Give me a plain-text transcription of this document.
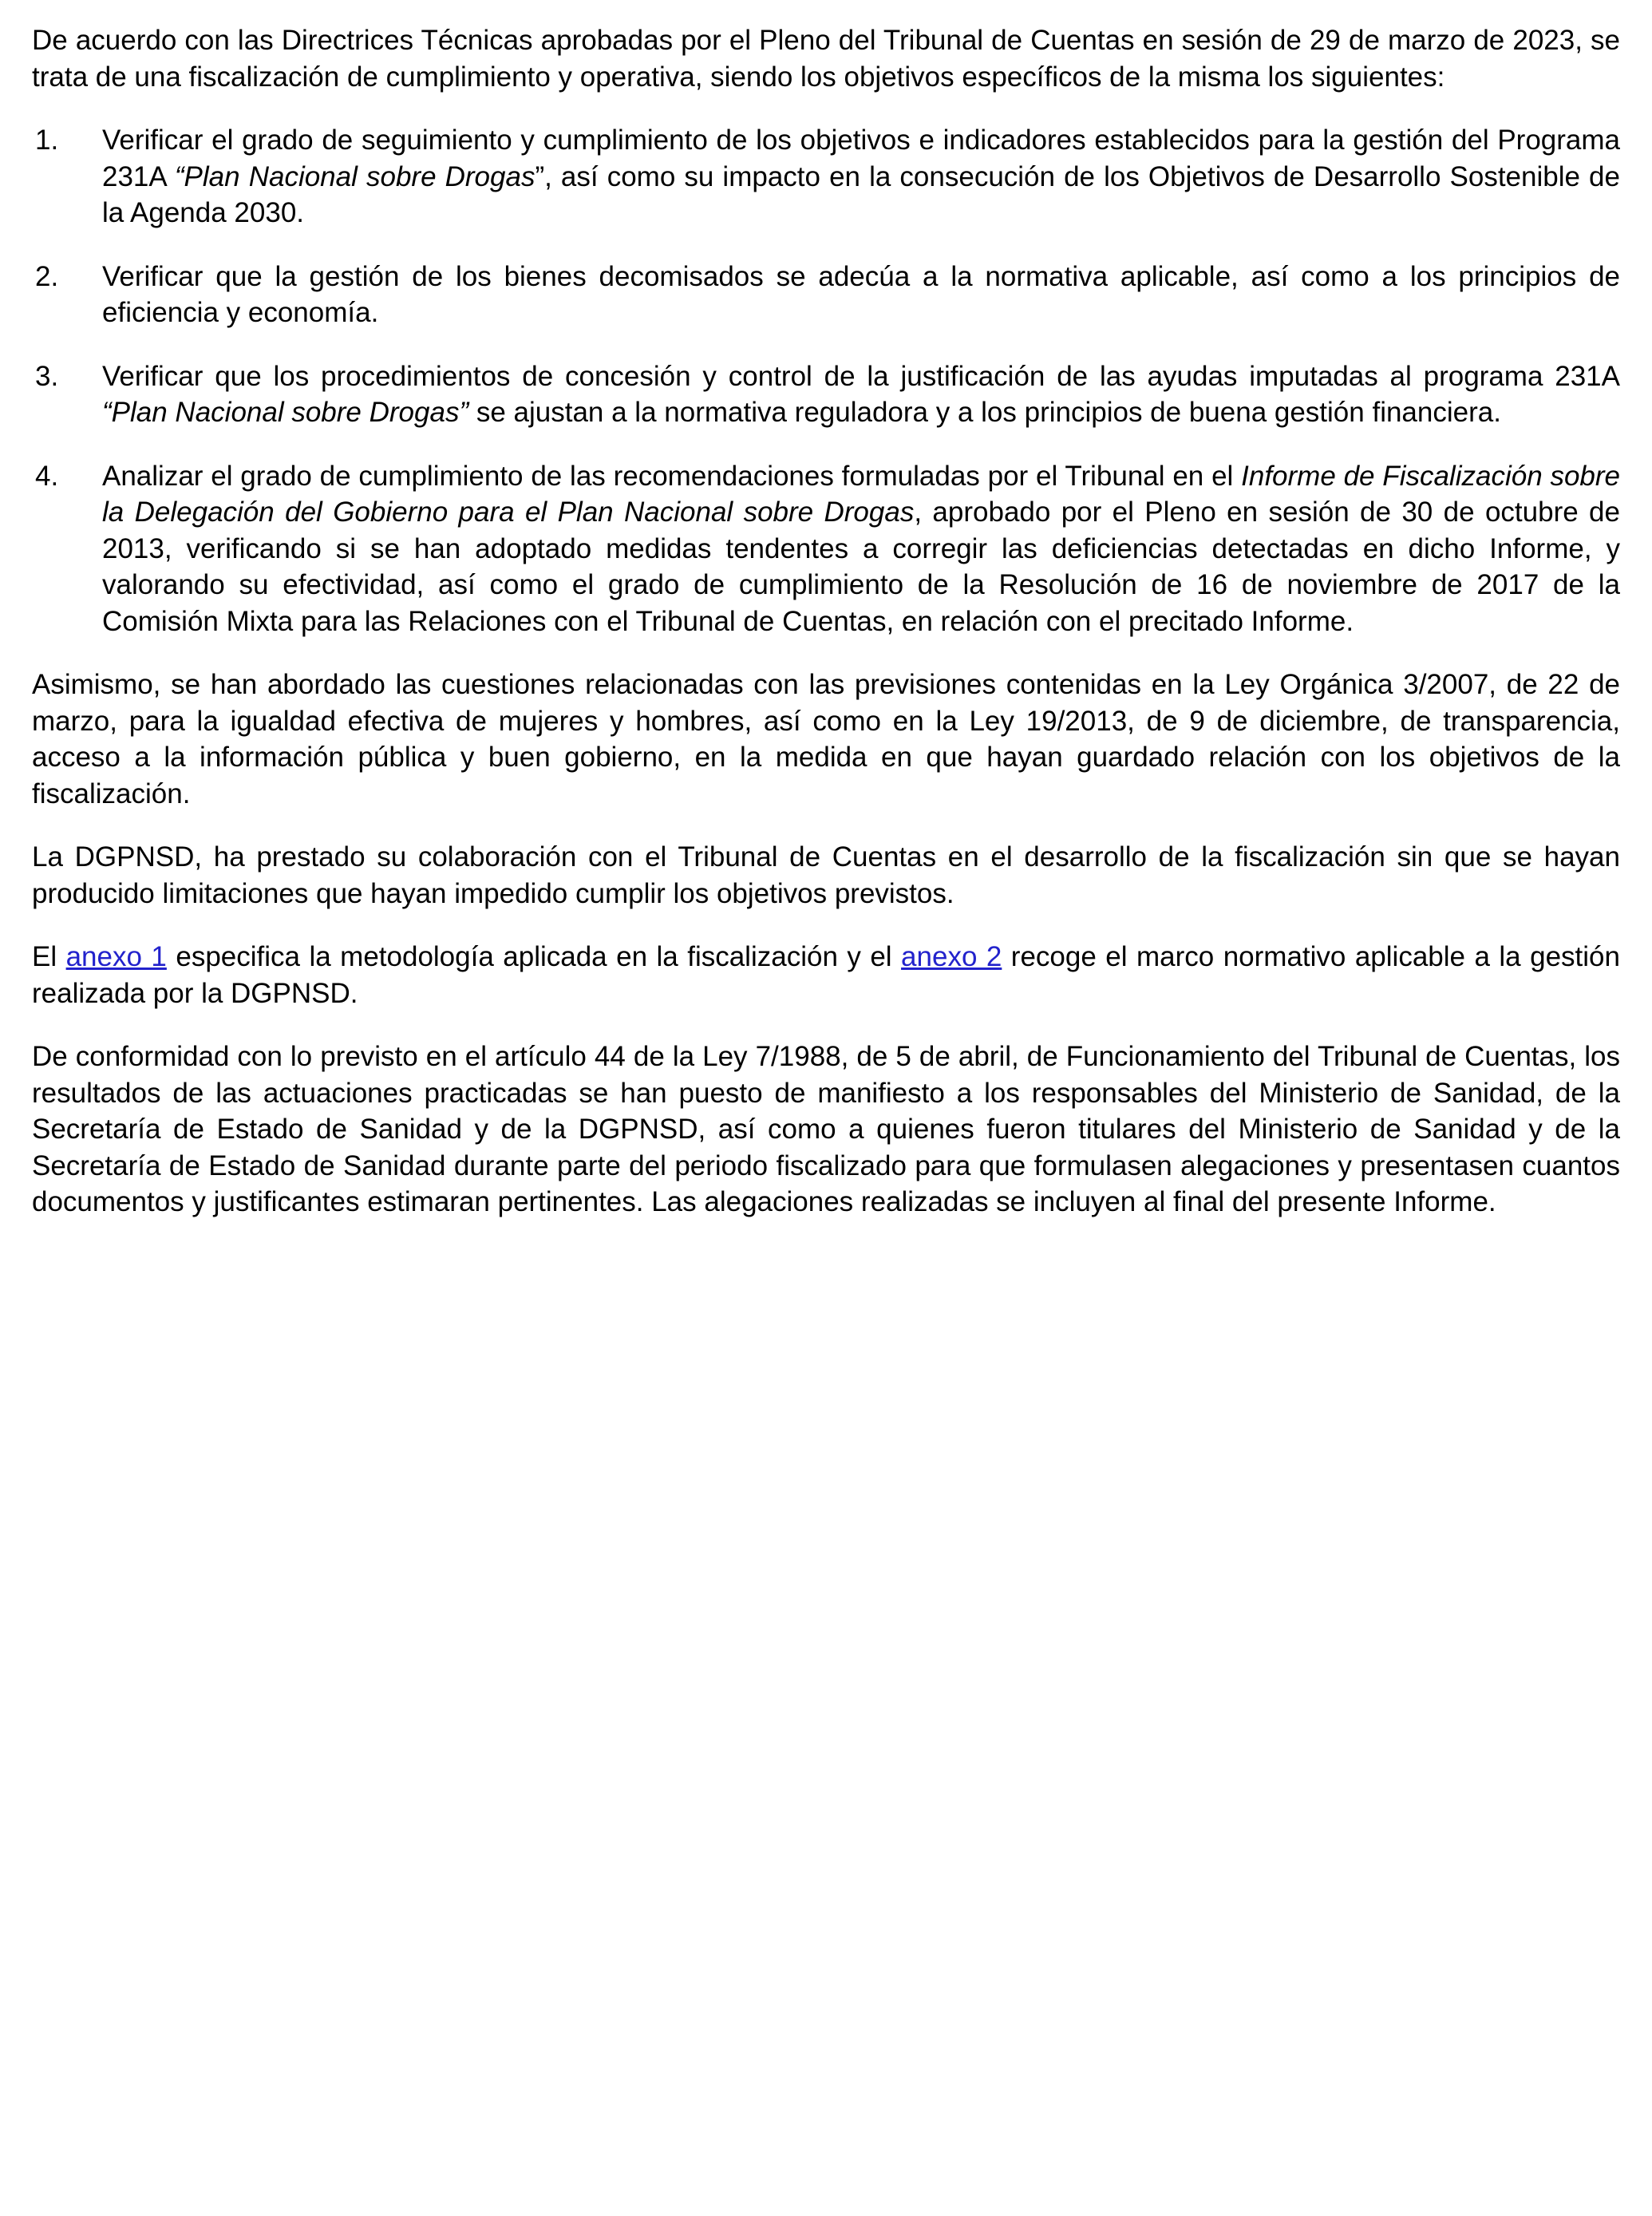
De acuerdo con las Directrices Técnicas aprobadas por el Pleno del Tribunal de Cuentas en sesión de 29 de marzo de 2023, se trata de una fiscalización de cumplimiento y operativa, siendo los objetivos específicos de la misma los siguientes:

1.	Verificar el grado de seguimiento y cumplimiento de los objetivos e indicadores establecidos para la gestión del Programa 231A “Plan Nacional sobre Drogas”, así como su impacto en la consecución de los Objetivos de Desarrollo Sostenible de la Agenda 2030.
2.	Verificar que la gestión de los bienes decomisados se adecúa a la normativa aplicable, así como a los principios de eficiencia y economía.
3.	Verificar que los procedimientos de concesión y control de la justificación de las ayudas imputadas al programa 231A “Plan Nacional sobre Drogas” se ajustan a la normativa reguladora y a los principios de buena gestión financiera.
4.	Analizar el grado de cumplimiento de las recomendaciones formuladas por el Tribunal en el Informe de Fiscalización sobre la Delegación del Gobierno para el Plan Nacional sobre Drogas, aprobado por el Pleno en sesión de 30 de octubre de 2013, verificando si se han adoptado medidas tendentes a corregir las deficiencias detectadas en dicho Informe, y valorando su efectividad, así como el grado de cumplimiento de la Resolución de 16 de noviembre de 2017 de la Comisión Mixta para las Relaciones con el Tribunal de Cuentas, en relación con el precitado Informe.

Asimismo, se han abordado las cuestiones relacionadas con las previsiones contenidas en la Ley Orgánica 3/2007, de 22 de marzo, para la igualdad efectiva de mujeres y hombres, así como en la Ley 19/2013, de 9 de diciembre, de transparencia, acceso a la información pública y buen gobierno, en la medida en que hayan guardado relación con los objetivos de la fiscalización.

La DGPNSD, ha prestado su colaboración con el Tribunal de Cuentas en el desarrollo de la fiscalización sin que se hayan producido limitaciones que hayan impedido cumplir los objetivos previstos.

El anexo 1 especifica la metodología aplicada en la fiscalización y el anexo 2 recoge el marco normativo aplicable a la gestión realizada por la DGPNSD.

De conformidad con lo previsto en el artículo 44 de la Ley 7/1988, de 5 de abril, de Funcionamiento del Tribunal de Cuentas, los resultados de las actuaciones practicadas se han puesto de manifiesto a los responsables del Ministerio de Sanidad, de la Secretaría de Estado de Sanidad y de la DGPNSD, así como a quienes fueron titulares del Ministerio de Sanidad y de la Secretaría de Estado de Sanidad durante parte del periodo fiscalizado para que formulasen alegaciones y presentasen cuantos documentos y justificantes estimaran pertinentes. Las alegaciones realizadas se incluyen al final del presente Informe.
